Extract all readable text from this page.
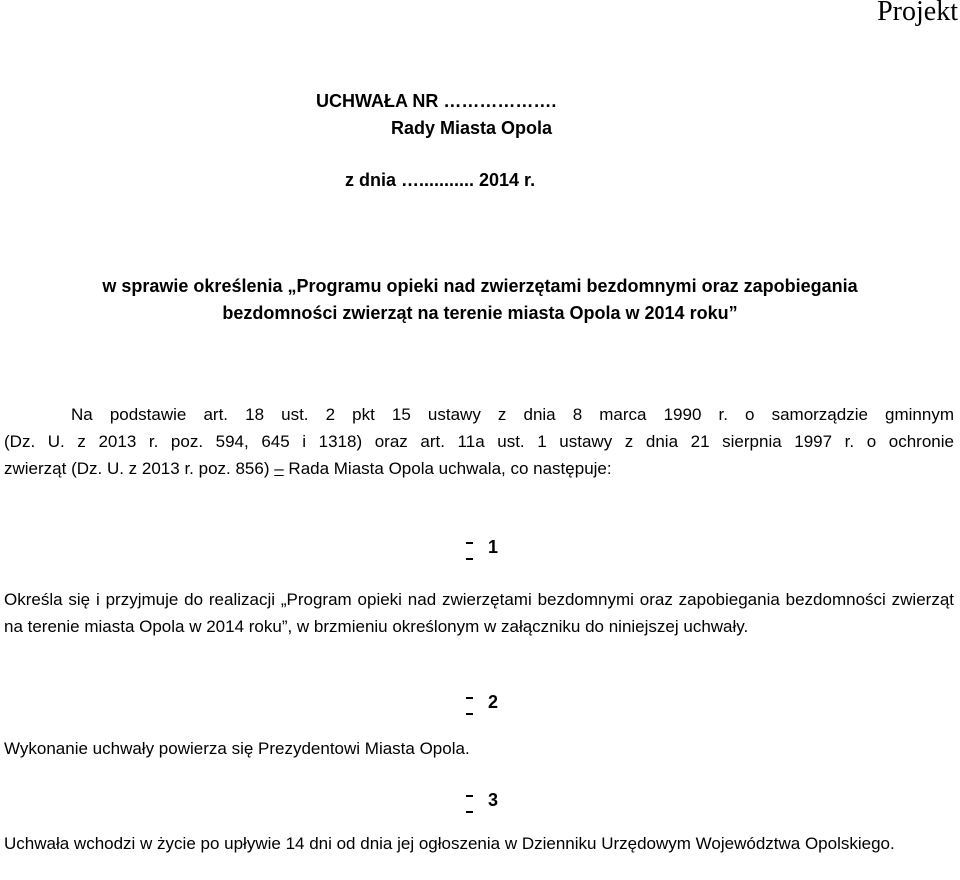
Projekt
UCHWAŁA NR ……………….
Rady Miasta Opola
z dnia …........... 2014 r.
w sprawie określenia „Programu opieki nad zwierzętami bezdomnymi oraz zapobiegania
bezdomności zwierząt na terenie miasta Opola w 2014 roku”
Na podstawie art. 18 ust. 2 pkt 15 ustawy z dnia 8 marca 1990 r. o samorządzie gminnym
(Dz. U. z 2013 r. poz. 594, 645 i 1318) oraz art. 11a ust. 1 ustawy z dnia 21 sierpnia 1997 r. o ochronie
zwierząt (Dz. U. z 2013 r. poz. 856) – Rada Miasta Opola uchwala, co następuje:
1
Określa się i przyjmuje do realizacji „Program opieki nad zwierzętami bezdomnymi oraz zapobiegania bezdomności zwierząt na terenie miasta Opola w 2014 roku”, w brzmieniu określonym w załączniku do niniejszej uchwały.
2
Wykonanie uchwały powierza się Prezydentowi Miasta Opola.
3
Uchwała wchodzi w życie po upływie 14 dni od dnia jej ogłoszenia w Dzienniku Urzędowym Województwa Opolskiego.
